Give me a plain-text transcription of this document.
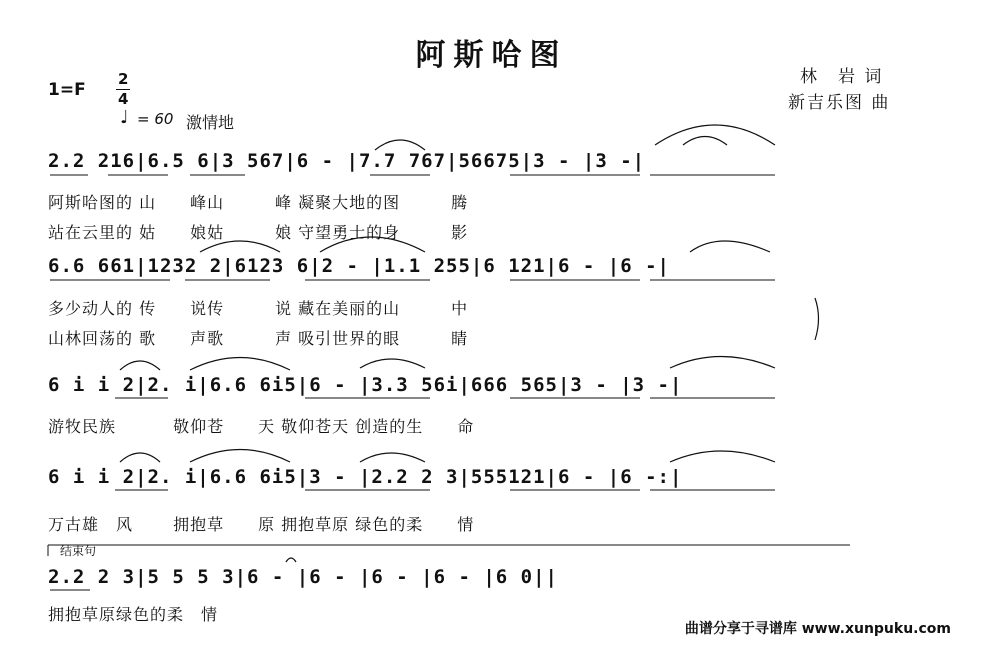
阿斯哈图
1=F
2
4
♩ = 60 激情地
林　岩 词
新吉乐图 曲
2.2 216|6.5 6|3 567|6 - |7.7 767|56675|3 - |3 -|
阿斯哈图的 山　　峰山　　　峰 凝聚大地的图　　　腾
站在云里的 姑　　娘姑　　　娘 守望勇士的身　　　影
6.6 661|1232 2|6123 6|2 - |1.1 255|6 121|6 - |6 -|
多少动人的 传　　说传　　　说 藏在美丽的山　　　中
山林回荡的 歌　　声歌　　　声 吸引世界的眼　　　睛
6 i i 2|2. i|6.6 6i5|6 - |3.3 56i|666 565|3 - |3 -|
游牧民族　　　 敬仰苍　　天 敬仰苍天 创造的生　　命
6 i i 2|2. i|6.6 6i5|3 - |2.2 2 3|555121|6 - |6 -:|
万古雄　风　　 拥抱草　　原 拥抱草原 绿色的柔　　情
结束句
2.2 2 3|5 5 5 3|6 - |6 - |6 - |6 - |6 0||
拥抱草原绿色的柔　情
曲谱分享于寻谱库 www.xunpuku.com
